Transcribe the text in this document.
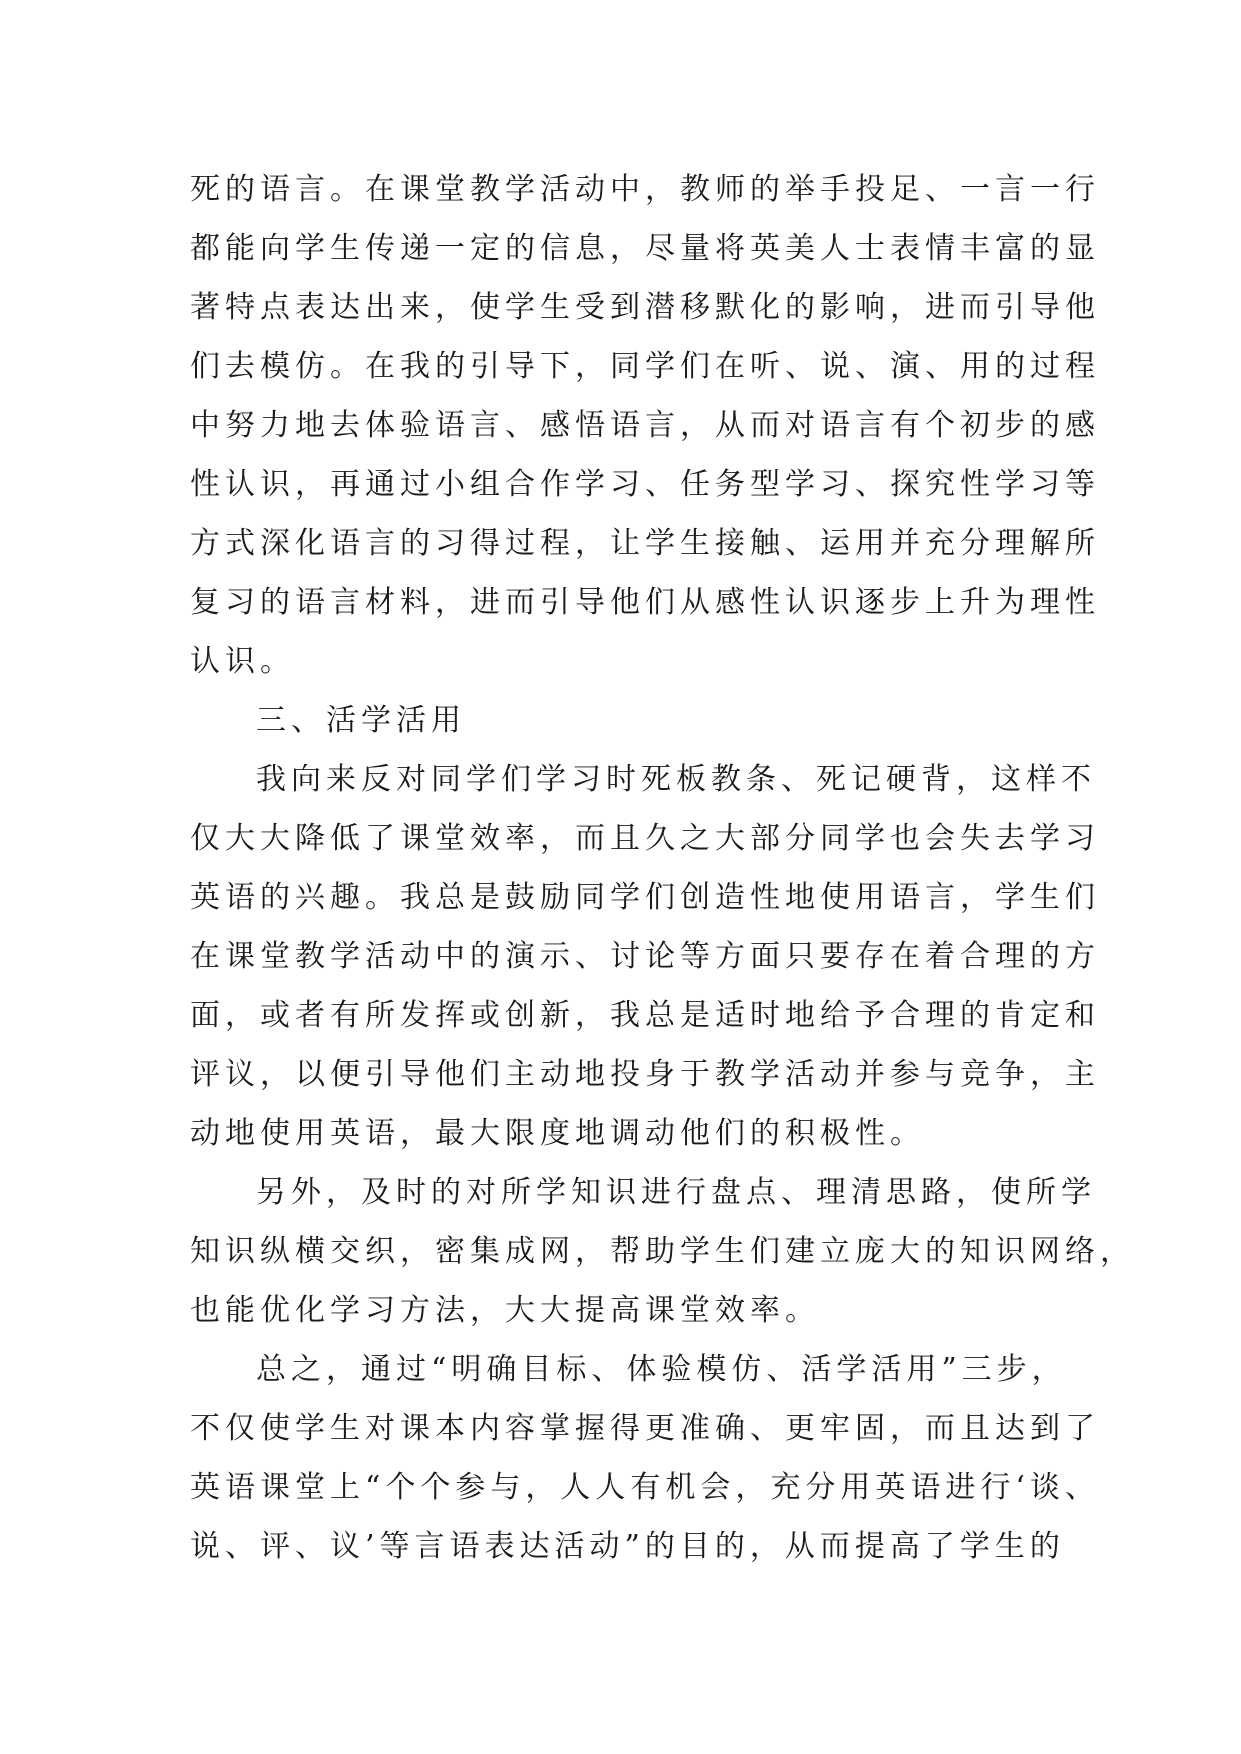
死的语言。在课堂教学活动中，教师的举手投足、一言一行
都能向学生传递一定的信息，尽量将英美人士表情丰富的显
著特点表达出来，使学生受到潜移默化的影响，进而引导他
们去模仿。在我的引导下，同学们在听、说、演、用的过程
中努力地去体验语言、感悟语言，从而对语言有个初步的感
性认识，再通过小组合作学习、任务型学习、探究性学习等
方式深化语言的习得过程，让学生接触、运用并充分理解所
复习的语言材料，进而引导他们从感性认识逐步上升为理性
认识。
三、活学活用
我向来反对同学们学习时死板教条、死记硬背，这样不
仅大大降低了课堂效率，而且久之大部分同学也会失去学习
英语的兴趣。我总是鼓励同学们创造性地使用语言，学生们
在课堂教学活动中的演示、讨论等方面只要存在着合理的方
面，或者有所发挥或创新，我总是适时地给予合理的肯定和
评议，以便引导他们主动地投身于教学活动并参与竞争，主
动地使用英语，最大限度地调动他们的积极性。
另外，及时的对所学知识进行盘点、理清思路，使所学
知识纵横交织，密集成网，帮助学生们建立庞大的知识网络，
也能优化学习方法，大大提高课堂效率。
总之，通过“明确目标、体验模仿、活学活用”三步，
不仅使学生对课本内容掌握得更准确、更牢固，而且达到了
英语课堂上“个个参与，人人有机会，充分用英语进行‘谈、
说、评、议’等言语表达活动”的目的，从而提高了学生的
